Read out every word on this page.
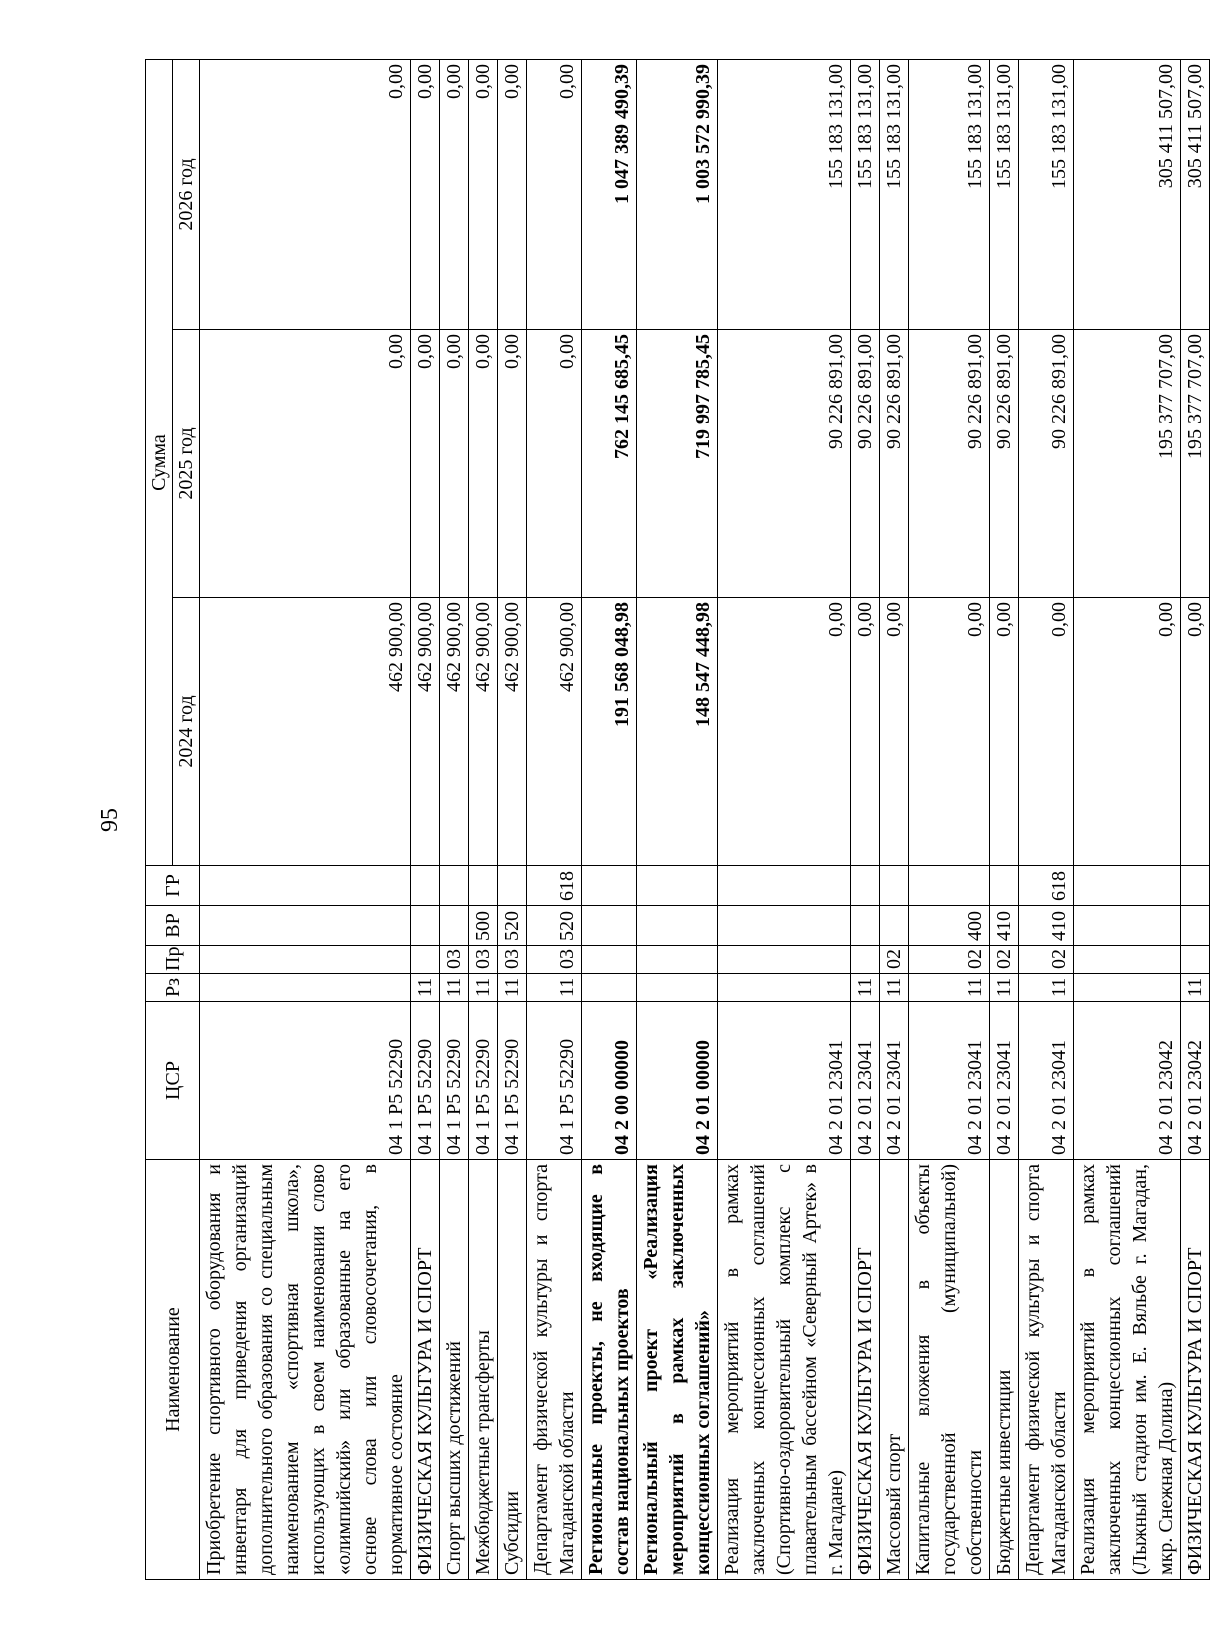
95
Наименование	ЦСР	Рз	Пр	ВР	ГР	Сумма		
						2024 год	2025 год	2026 год
Приобретение спортивного оборудования и инвентаря для приведения организаций дополнительного образования со специальным наименованием «спортивная школа», использующих в своем наименовании слово «олимпийский» или образованные на его основе слова или словосочетания, в нормативное состояние	04 1 P5 52290					462 900,00	0,00	0,00
ФИЗИЧЕСКАЯ КУЛЬТУРА И СПОРТ	04 1 P5 52290	11				462 900,00	0,00	0,00
Спорт высших достижений	04 1 P5 52290	11	03			462 900,00	0,00	0,00
Межбюджетные трансферты	04 1 P5 52290	11	03	500		462 900,00	0,00	0,00
Субсидии	04 1 P5 52290	11	03	520		462 900,00	0,00	0,00
Департамент физической культуры и спорта Магаданской области	04 1 P5 52290	11	03	520	618	462 900,00	0,00	0,00
Региональные проекты, не входящие в состав национальных проектов	04 2 00 00000					191 568 048,98	762 145 685,45	1 047 389 490,39
Региональный проект «Реализация мероприятий в рамках заключенных концессионных соглашений»	04 2 01 00000					148 547 448,98	719 997 785,45	1 003 572 990,39
Реализация мероприятий в рамках заключенных концессионных соглашений (Спортивно-оздоровительный комплекс с плавательным бассейном «Северный Артек» в г. Магадане)	04 2 01 23041					0,00	90 226 891,00	155 183 131,00
ФИЗИЧЕСКАЯ КУЛЬТУРА И СПОРТ	04 2 01 23041	11				0,00	90 226 891,00	155 183 131,00
Массовый спорт	04 2 01 23041	11	02			0,00	90 226 891,00	155 183 131,00
Капитальные вложения в объекты государственной (муниципальной) собственности	04 2 01 23041	11	02	400		0,00	90 226 891,00	155 183 131,00
Бюджетные инвестиции	04 2 01 23041	11	02	410		0,00	90 226 891,00	155 183 131,00
Департамент физической культуры и спорта Магаданской области	04 2 01 23041	11	02	410	618	0,00	90 226 891,00	155 183 131,00
Реализация мероприятий в рамках заключенных концессионных соглашений (Лыжный стадион им. Е. Вяльбе г. Магадан, мкр. Снежная Долина)	04 2 01 23042					0,00	195 377 707,00	305 411 507,00
ФИЗИЧЕСКАЯ КУЛЬТУРА И СПОРТ	04 2 01 23042	11				0,00	195 377 707,00	305 411 507,00
